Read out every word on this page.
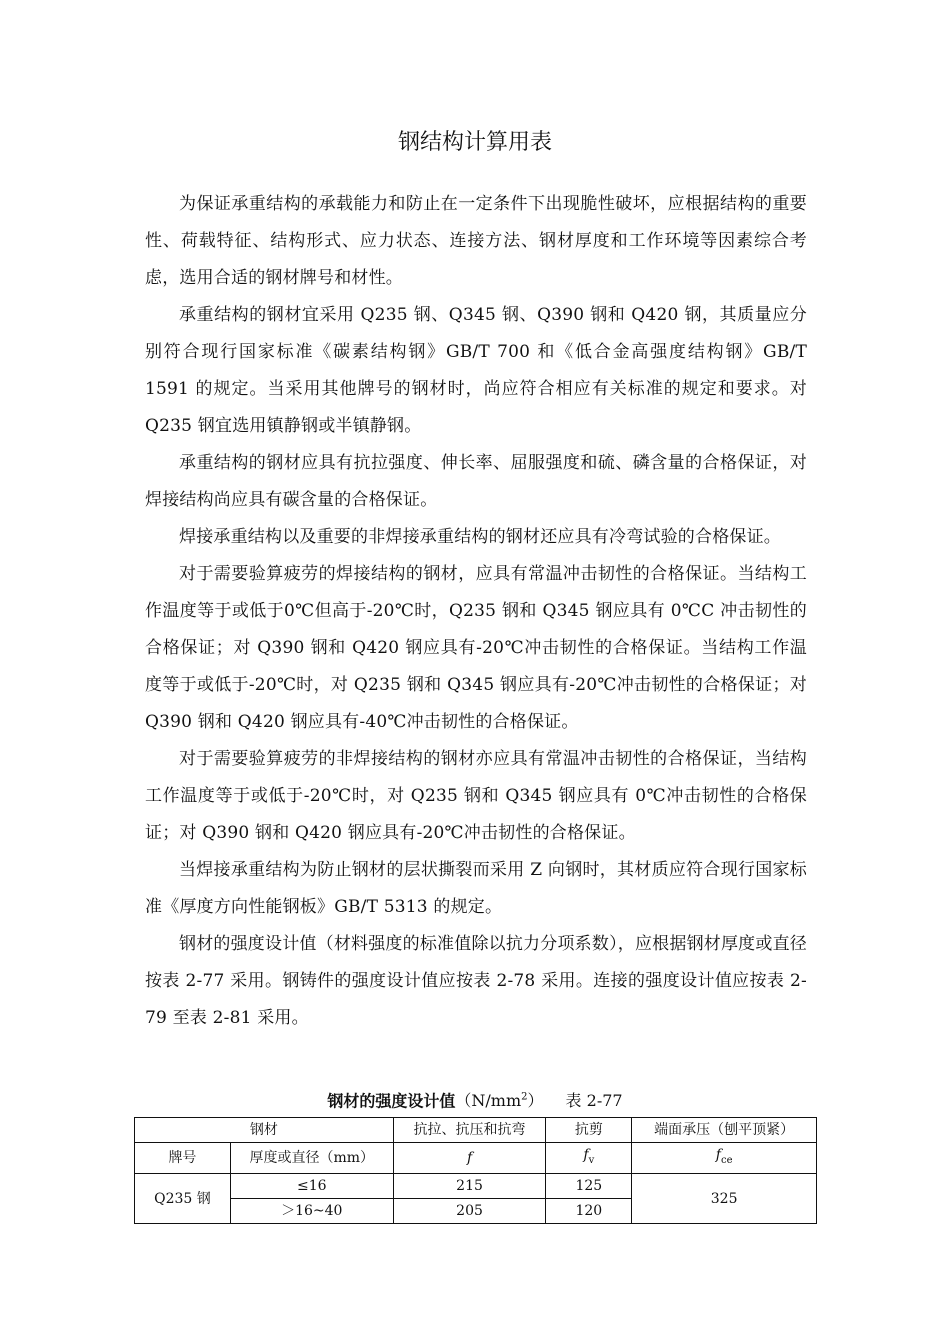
钢结构计算用表

为保证承重结构的承载能力和防止在一定条件下出现脆性破坏，应根据结构的重要性、荷载特征、结构形式、应力状态、连接方法、钢材厚度和工作环境等因素综合考虑，选用合适的钢材牌号和材性。

承重结构的钢材宜采用 Q235 钢、Q345 钢、Q390 钢和 Q420 钢，其质量应分别符合现行国家标准《碳素结构钢》GB/T 700 和《低合金高强度结构钢》GB/T 1591 的规定。当采用其他牌号的钢材时，尚应符合相应有关标准的规定和要求。对 Q235 钢宜选用镇静钢或半镇静钢。

承重结构的钢材应具有抗拉强度、伸长率、屈服强度和硫、磷含量的合格保证，对焊接结构尚应具有碳含量的合格保证。

焊接承重结构以及重要的非焊接承重结构的钢材还应具有冷弯试验的合格保证。

对于需要验算疲劳的焊接结构的钢材，应具有常温冲击韧性的合格保证。当结构工作温度等于或低于0℃但高于-20℃时，Q235 钢和 Q345 钢应具有 0℃C 冲击韧性的合格保证；对 Q390 钢和 Q420 钢应具有-20℃冲击韧性的合格保证。当结构工作温度等于或低于-20℃时，对 Q235 钢和 Q345 钢应具有-20℃冲击韧性的合格保证；对 Q390 钢和 Q420 钢应具有-40℃冲击韧性的合格保证。

对于需要验算疲劳的非焊接结构的钢材亦应具有常温冲击韧性的合格保证，当结构工作温度等于或低于-20℃时，对 Q235 钢和 Q345 钢应具有 0℃冲击韧性的合格保证；对 Q390 钢和 Q420 钢应具有-20℃冲击韧性的合格保证。

当焊接承重结构为防止钢材的层状撕裂而采用 Z 向钢时，其材质应符合现行国家标准《厚度方向性能钢板》GB/T 5313 的规定。

钢材的强度设计值（材料强度的标准值除以抗力分项系数），应根据钢材厚度或直径按表 2-77 采用。钢铸件的强度设计值应按表 2-78 采用。连接的强度设计值应按表 2-79 至表 2-81 采用。

钢材的强度设计值$(N/mm^2)$ 表 2-77
钢材		抗拉、抗压和抗弯	抗剪	端面承压（刨平顶紧）
牌号	厚度或直径（mm）	f	$f_v$	$f_{ce}$
Q235 钢	≤16	215	125	325
	＞16~40	205	120	
